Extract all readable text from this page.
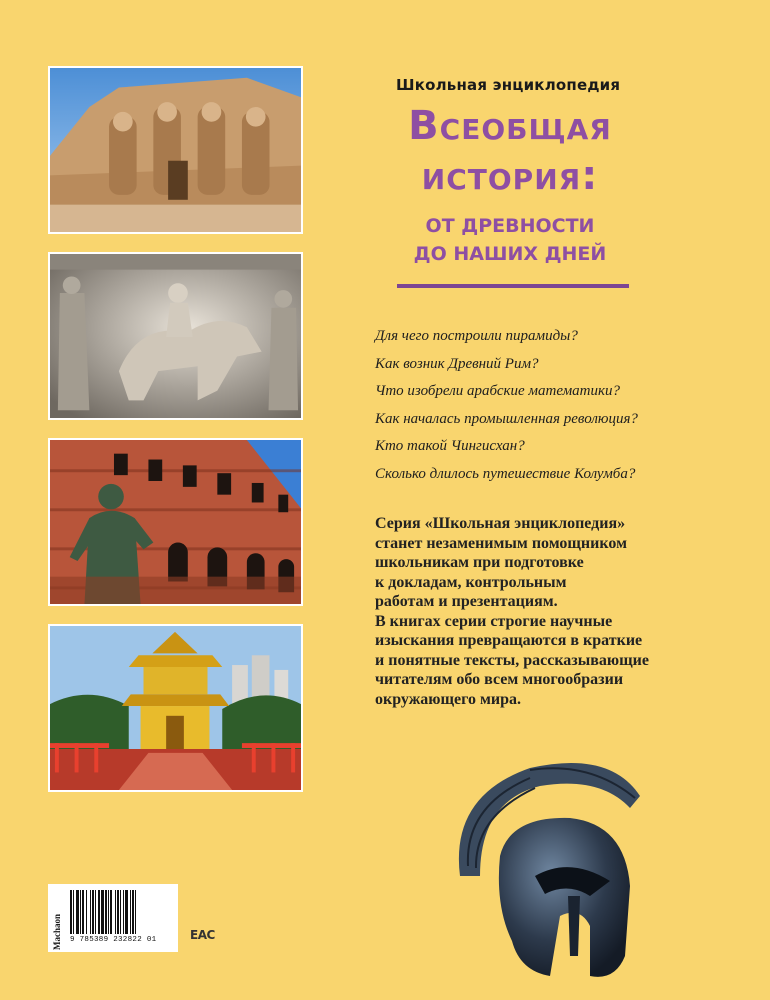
Школьная энциклопедия
Всеобщая
история:
ОТ ДРЕВНОСТИ
ДО НАШИХ ДНЕЙ
Для чего построили пирамиды?
Как возник Древний Рим?
Что изобрели арабские математики?
Как началась промышленная революция?
Кто такой Чингисхан?
Сколько длилось путешествие Колумба?
Серия «Школьная энциклопедия»
станет незаменимым помощником
школьникам при подготовке
к докладам, контрольным
работам и презентациям.
В книгах серии строгие научные
изыскания превращаются в краткие
и понятные тексты, рассказывающие
читателям обо всем многообразии
окружающего мира.
Machaon 9 785389 232822 01	ЕАС
